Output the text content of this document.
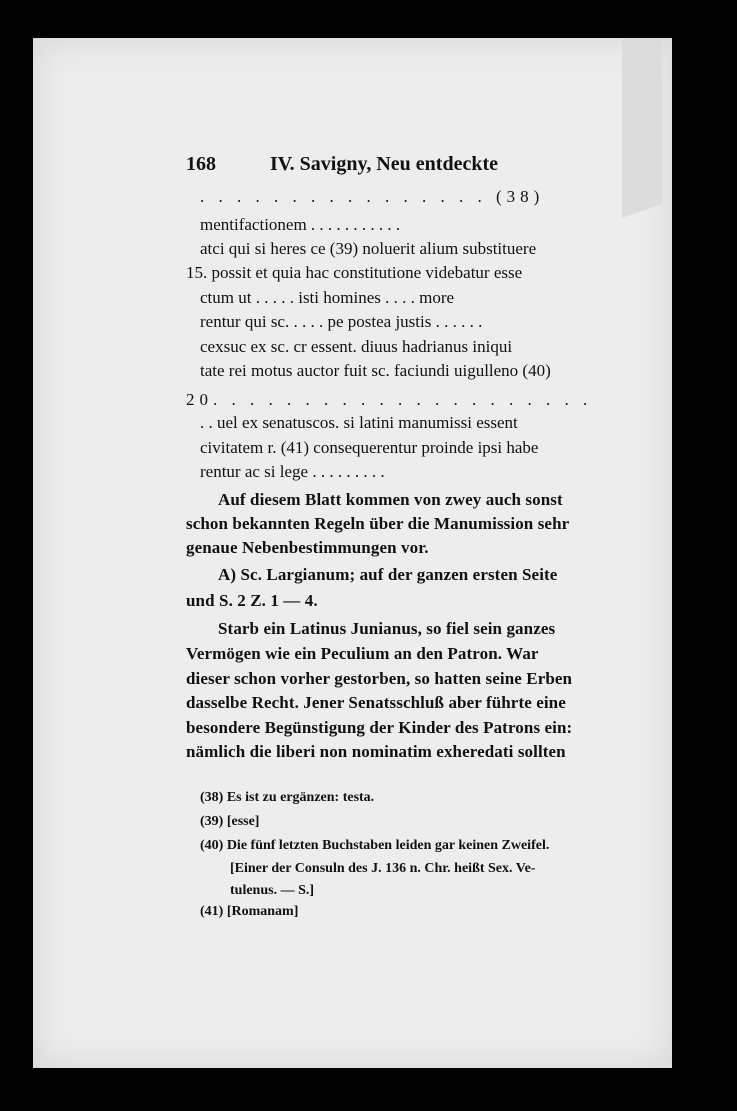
168	IV. Savigny, Neu entdeckte
. . . . . . . . . . . . . . . . (38)
mentifactionem . . . . . . . . . . .
atci qui si heres ce (39) noluerit alium substituere
15. possit et quia hac constitutione videbatur esse
ctum ut . . . . . isti homines . . . . more
rentur qui sc. . . . . pe postea justis . . . . . .
cexsuc ex sc. cr essent. diuus hadrianus iniqui
tate rei motus auctor fuit sc. faciundi uigulleno (40)
20. . . . . . . . . . . . . . . . . . . . .
. . uel ex senatuscos. si latini manumissi essent
civitatem r. (41) consequerentur proinde ipsi habe
rentur ac si lege . . . . . . . . .
Auf diesem Blatt kommen von zwey auch sonst
schon bekannten Regeln über die Manumission sehr
genaue Nebenbestimmungen vor.
A) Sc. Largianum; auf der ganzen ersten Seite
und S. 2 Z. 1 — 4.
Starb ein Latinus Junianus, so fiel sein ganzes
Vermögen wie ein Peculium an den Patron. War
dieser schon vorher gestorben, so hatten seine Erben
dasselbe Recht. Jener Senatsschluß aber führte eine
besondere Begünstigung der Kinder des Patrons ein:
nämlich die liberi non nominatim exheredati sollten
(38) Es ist zu ergänzen: testa.
(39) [esse]
(40) Die fünf letzten Buchstaben leiden gar keinen Zweifel.
[Einer der Consuln des J. 136 n. Chr. heißt Sex. Ve-
tulenus. — S.]
(41) [Romanam]
